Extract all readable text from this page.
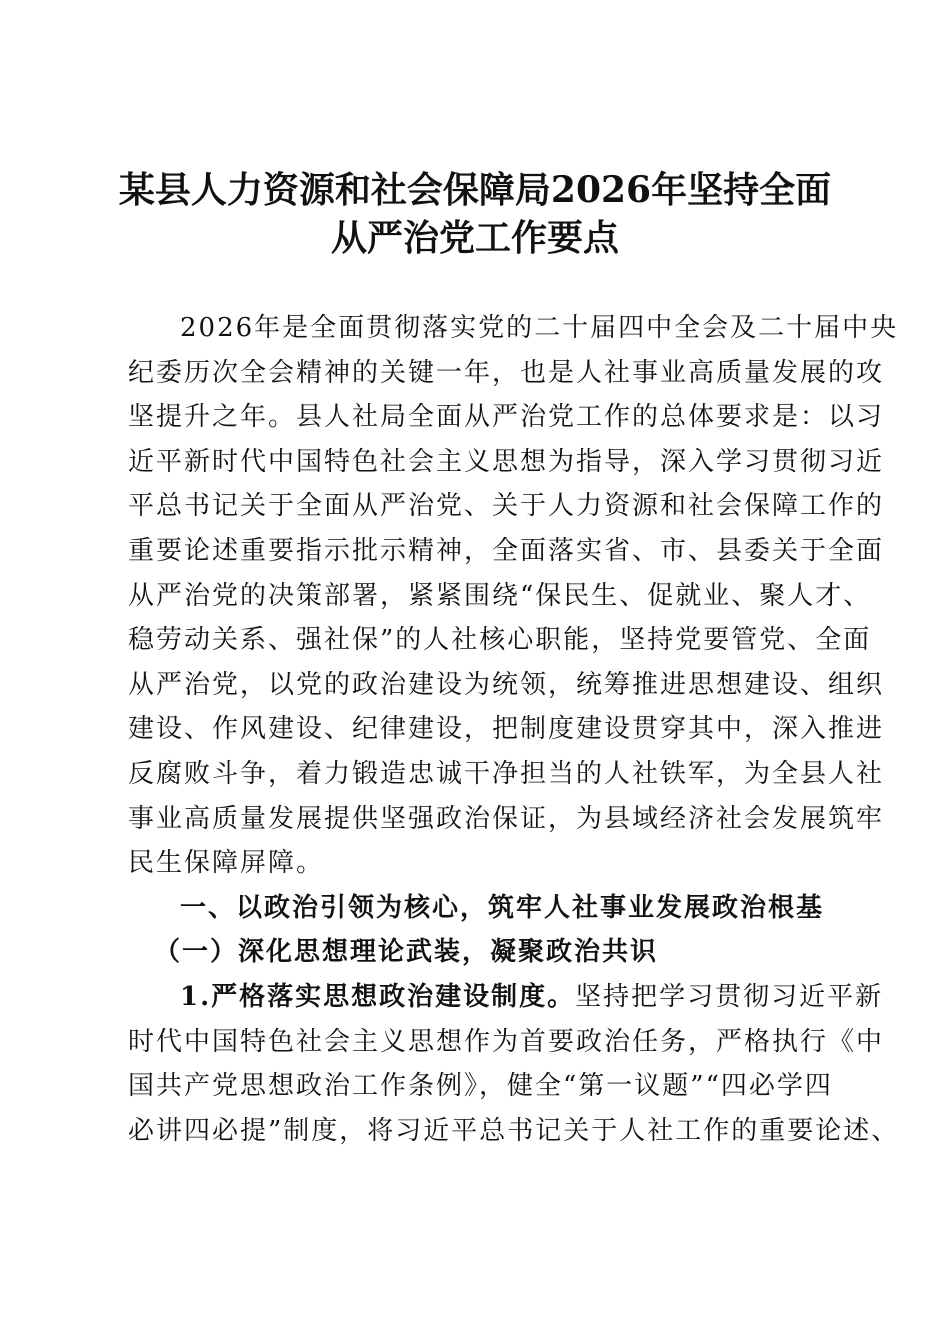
某县人力资源和社会保障局2026年坚持全面
从严治党工作要点
2026年是全面贯彻落实党的二十届四中全会及二十届中央
纪委历次全会精神的关键一年，也是人社事业高质量发展的攻
坚提升之年。县人社局全面从严治党工作的总体要求是：以习
近平新时代中国特色社会主义思想为指导，深入学习贯彻习近
平总书记关于全面从严治党、关于人力资源和社会保障工作的
重要论述重要指示批示精神，全面落实省、市、县委关于全面
从严治党的决策部署，紧紧围绕“保民生、促就业、聚人才、
稳劳动关系、强社保”的人社核心职能，坚持党要管党、全面
从严治党，以党的政治建设为统领，统筹推进思想建设、组织
建设、作风建设、纪律建设，把制度建设贯穿其中，深入推进
反腐败斗争，着力锻造忠诚干净担当的人社铁军，为全县人社
事业高质量发展提供坚强政治保证，为县域经济社会发展筑牢
民生保障屏障。
一、以政治引领为核心，筑牢人社事业发展政治根基
（一）深化思想理论武装，凝聚政治共识
1.严格落实思想政治建设制度。坚持把学习贯彻习近平新
时代中国特色社会主义思想作为首要政治任务，严格执行《中
国共产党思想政治工作条例》，健全“第一议题”“四必学四
必讲四必提”制度，将习近平总书记关于人社工作的重要论述、
